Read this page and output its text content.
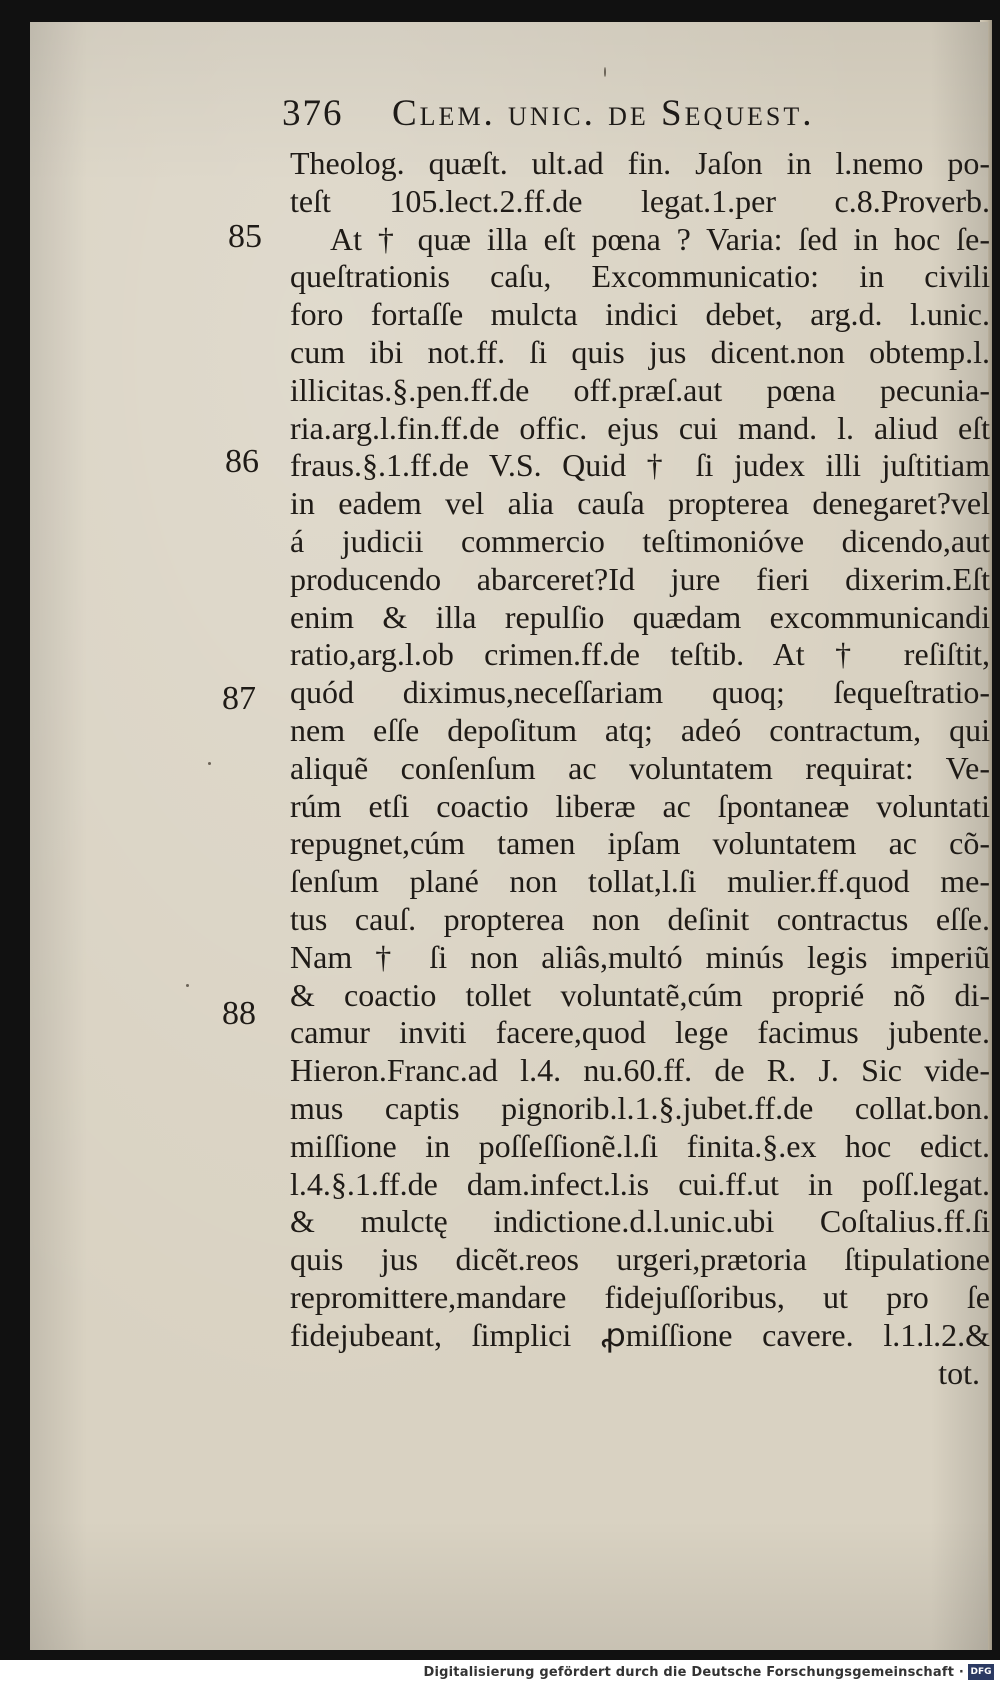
376 Clem. unic. de Sequest.
85
86
87
88
Theolog. quæſt. ult.ad fin. Jaſon in l.nemo po-
teſt 105.lect.2.ff.de legat.1.per c.8.Proverb.
At † quæ illa eſt pœna ? Varia: ſed in hoc ſe-
queſtrationis caſu, Excommunicatio: in civili
foro fortaſſe mulcta indici debet, arg.d. l.unic.
cum ibi not.ff. ſi quis jus dicent.non obtemp.l.
illicitas.§.pen.ff.de off.præſ.aut pœna pecunia-
ria.arg.l.fin.ff.de offic. ejus cui mand. l. aliud eſt
fraus.§.1.ff.de V.S. Quid † ſi judex illi juſtitiam
in eadem vel alia cauſa propterea denegaret?vel
á judicii commercio teſtimonióve dicendo,aut
producendo abarceret?Id jure fieri dixerim.Eſt
enim & illa repulſio quædam excommunicandi
ratio,arg.l.ob crimen.ff.de teſtib. At † reſiſtit,
quód diximus,neceſſariam quoq; ſequeſtratio-
nem eſſe depoſitum atq; adeó contractum, qui
aliquẽ conſenſum ac voluntatem requirat: Ve-
rúm etſi coactio liberæ ac ſpontaneæ voluntati
repugnet,cúm tamen ipſam voluntatem ac cõ-
ſenſum plané non tollat,l.ſi mulier.ff.quod me-
tus cauſ. propterea non deſinit contractus eſſe.
Nam † ſi non aliâs,multó minús legis imperiũ
& coactio tollet voluntatẽ,cúm proprié nõ di-
camur inviti facere,quod lege facimus jubente.
Hieron.Franc.ad l.4. nu.60.ff. de R. J. Sic vide-
mus captis pignorib.l.1.§.jubet.ff.de collat.bon.
miſſione in poſſeſſionẽ.l.ſi finita.§.ex hoc edict.
l.4.§.1.ff.de dam.infect.l.is cui.ff.ut in poſſ.legat.
& mulctę indictione.d.l.unic.ubi Coſtalius.ff.ſi
quis jus dicẽt.reos urgeri,prætoria ſtipulatione
repromittere,mandare fidejuſſoribus, ut pro ſe
fidejubeant, ſimplici ꝓmiſſione cavere. l.1.l.2.&
tot.
Digitalisierung gefördert durch die Deutsche Forschungsgemeinschaft · DFG
